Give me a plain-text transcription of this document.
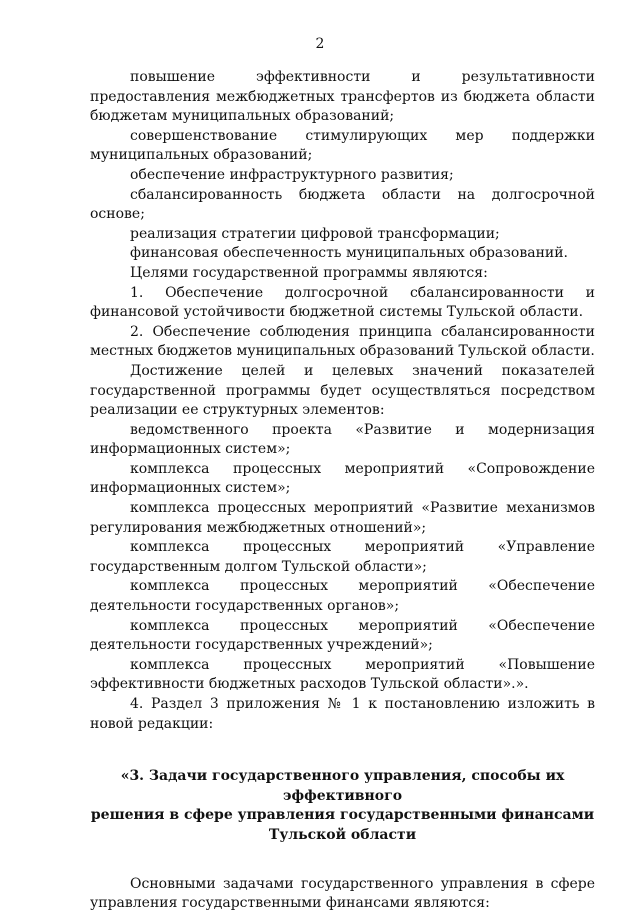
2

повышение эффективности и результативности предоставления межбюджетных трансфертов из бюджета области бюджетам муниципальных образований;

совершенствование стимулирующих мер поддержки муниципальных образований;

обеспечение инфраструктурного развития;

сбалансированность бюджета области на долгосрочной основе;

реализация стратегии цифровой трансформации;

финансовая обеспеченность муниципальных образований.

Целями государственной программы являются:

1. Обеспечение долгосрочной сбалансированности и финансовой устойчивости бюджетной системы Тульской области.

2. Обеспечение соблюдения принципа сбалансированности местных бюджетов муниципальных образований Тульской области.

Достижение целей и целевых значений показателей государственной программы будет осуществляться посредством реализации ее структурных элементов:

ведомственного проекта «Развитие и модернизация информационных систем»;

комплекса процессных мероприятий «Сопровождение информационных систем»;

комплекса процессных мероприятий «Развитие механизмов регулирования межбюджетных отношений»;

комплекса процессных мероприятий «Управление государственным долгом Тульской области»;

комплекса процессных мероприятий «Обеспечение деятельности государственных органов»;

комплекса процессных мероприятий «Обеспечение деятельности государственных учреждений»;

комплекса процессных мероприятий «Повышение эффективности бюджетных расходов Тульской области».».

4. Раздел 3 приложения № 1 к постановлению изложить в новой редакции:

«3. Задачи государственного управления, способы их эффективного
решения в сфере управления государственными финансами
Тульской области

Основными задачами государственного управления в сфере управления государственными финансами являются:
